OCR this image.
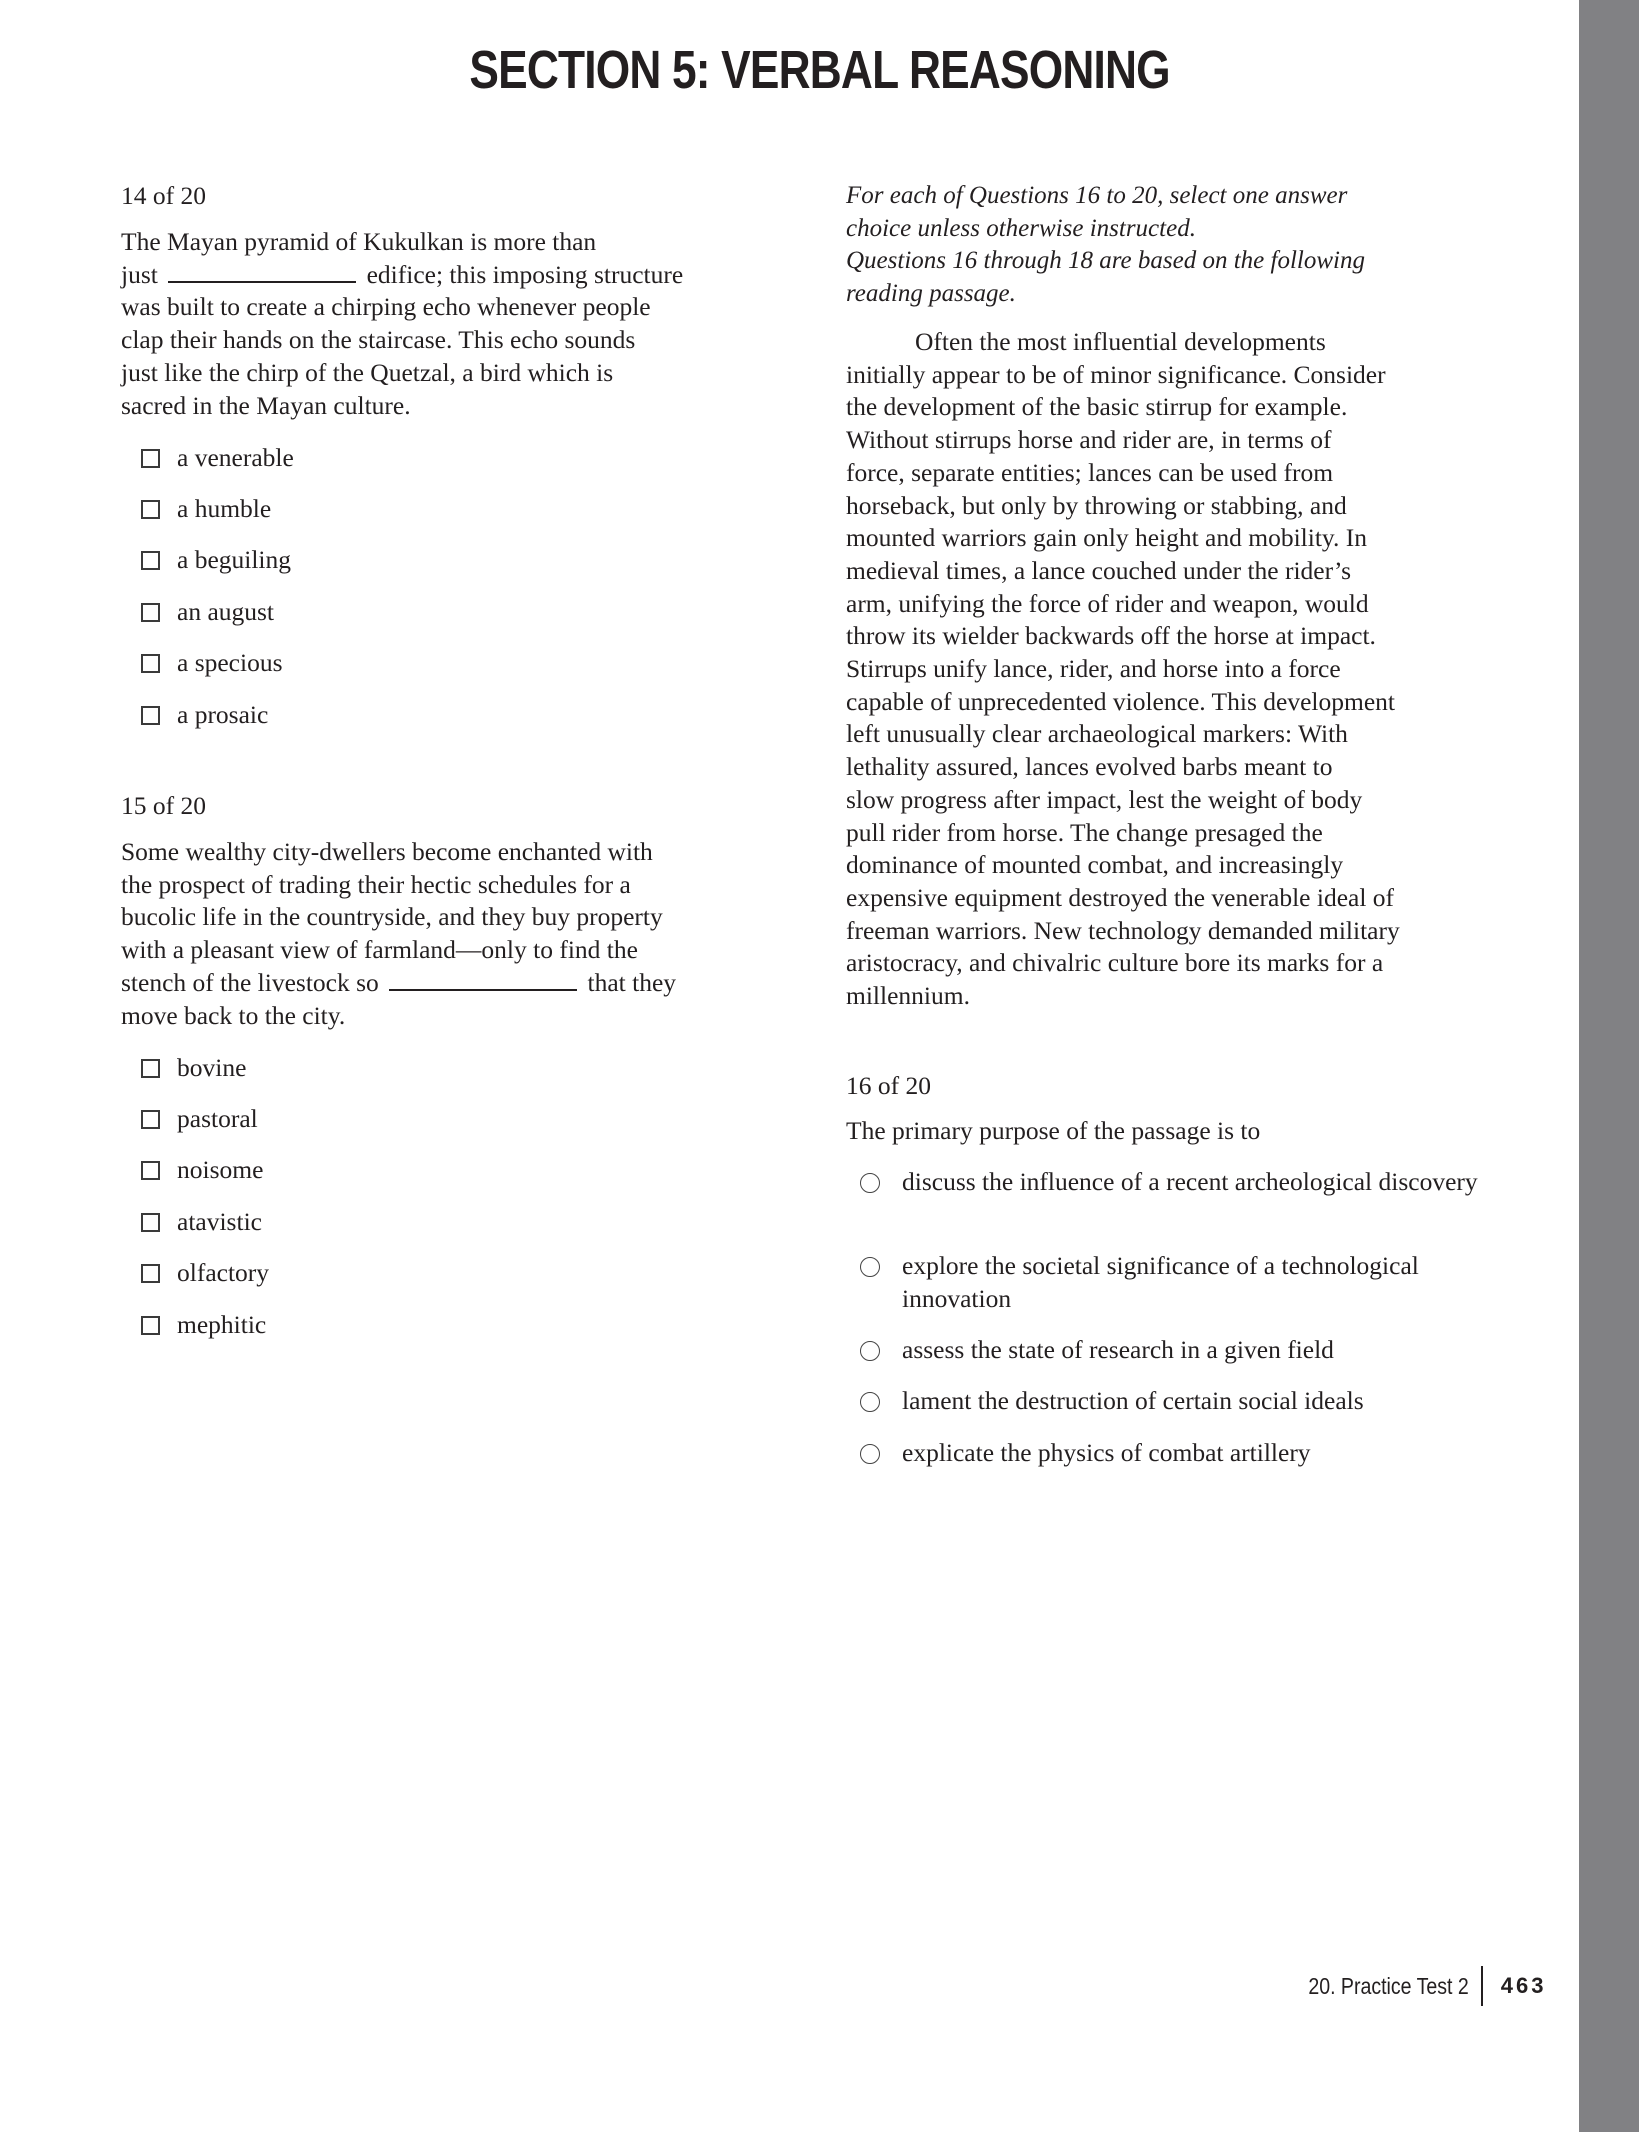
SECTION 5: VERBAL REASONING
14 of 20
The Mayan pyramid of Kukulkan is more than
just	edifice; this imposing structure
was built to create a chirping echo whenever people
clap their hands on the staircase. This echo sounds
just like the chirp of the Quetzal, a bird which is
sacred in the Mayan culture.
a venerable
a humble
a beguiling
an august
a specious
a prosaic
15 of 20
Some wealthy city-dwellers become enchanted with
the prospect of trading their hectic schedules for a
bucolic life in the countryside, and they buy property
with a pleasant view of farmland—only to find the
stench of the livestock so	that they
move back to the city.
bovine
pastoral
noisome
atavistic
olfactory
mephitic
For each of Questions 16 to 20, select one answer
choice unless otherwise instructed.
Questions 16 through 18 are based on the following
reading passage.
Often the most influential developments
initially appear to be of minor significance. Consider
the development of the basic stirrup for example.
Without stirrups horse and rider are, in terms of
force, separate entities; lances can be used from
horseback, but only by throwing or stabbing, and
mounted warriors gain only height and mobility. In
medieval times, a lance couched under the rider’s
arm, unifying the force of rider and weapon, would
throw its wielder backwards off the horse at impact.
Stirrups unify lance, rider, and horse into a force
capable of unprecedented violence. This development
left unusually clear archaeological markers: With
lethality assured, lances evolved barbs meant to
slow progress after impact, lest the weight of body
pull rider from horse. The change presaged the
dominance of mounted combat, and increasingly
expensive equipment destroyed the venerable ideal of
freeman warriors. New technology demanded military
aristocracy, and chivalric culture bore its marks for a
millennium.
16 of 20
The primary purpose of the passage is to
discuss the influence of a recent archeological discovery
explore the societal significance of a technological innovation
assess the state of research in a given field
lament the destruction of certain social ideals
explicate the physics of combat artillery
20. Practice Test 2 463
